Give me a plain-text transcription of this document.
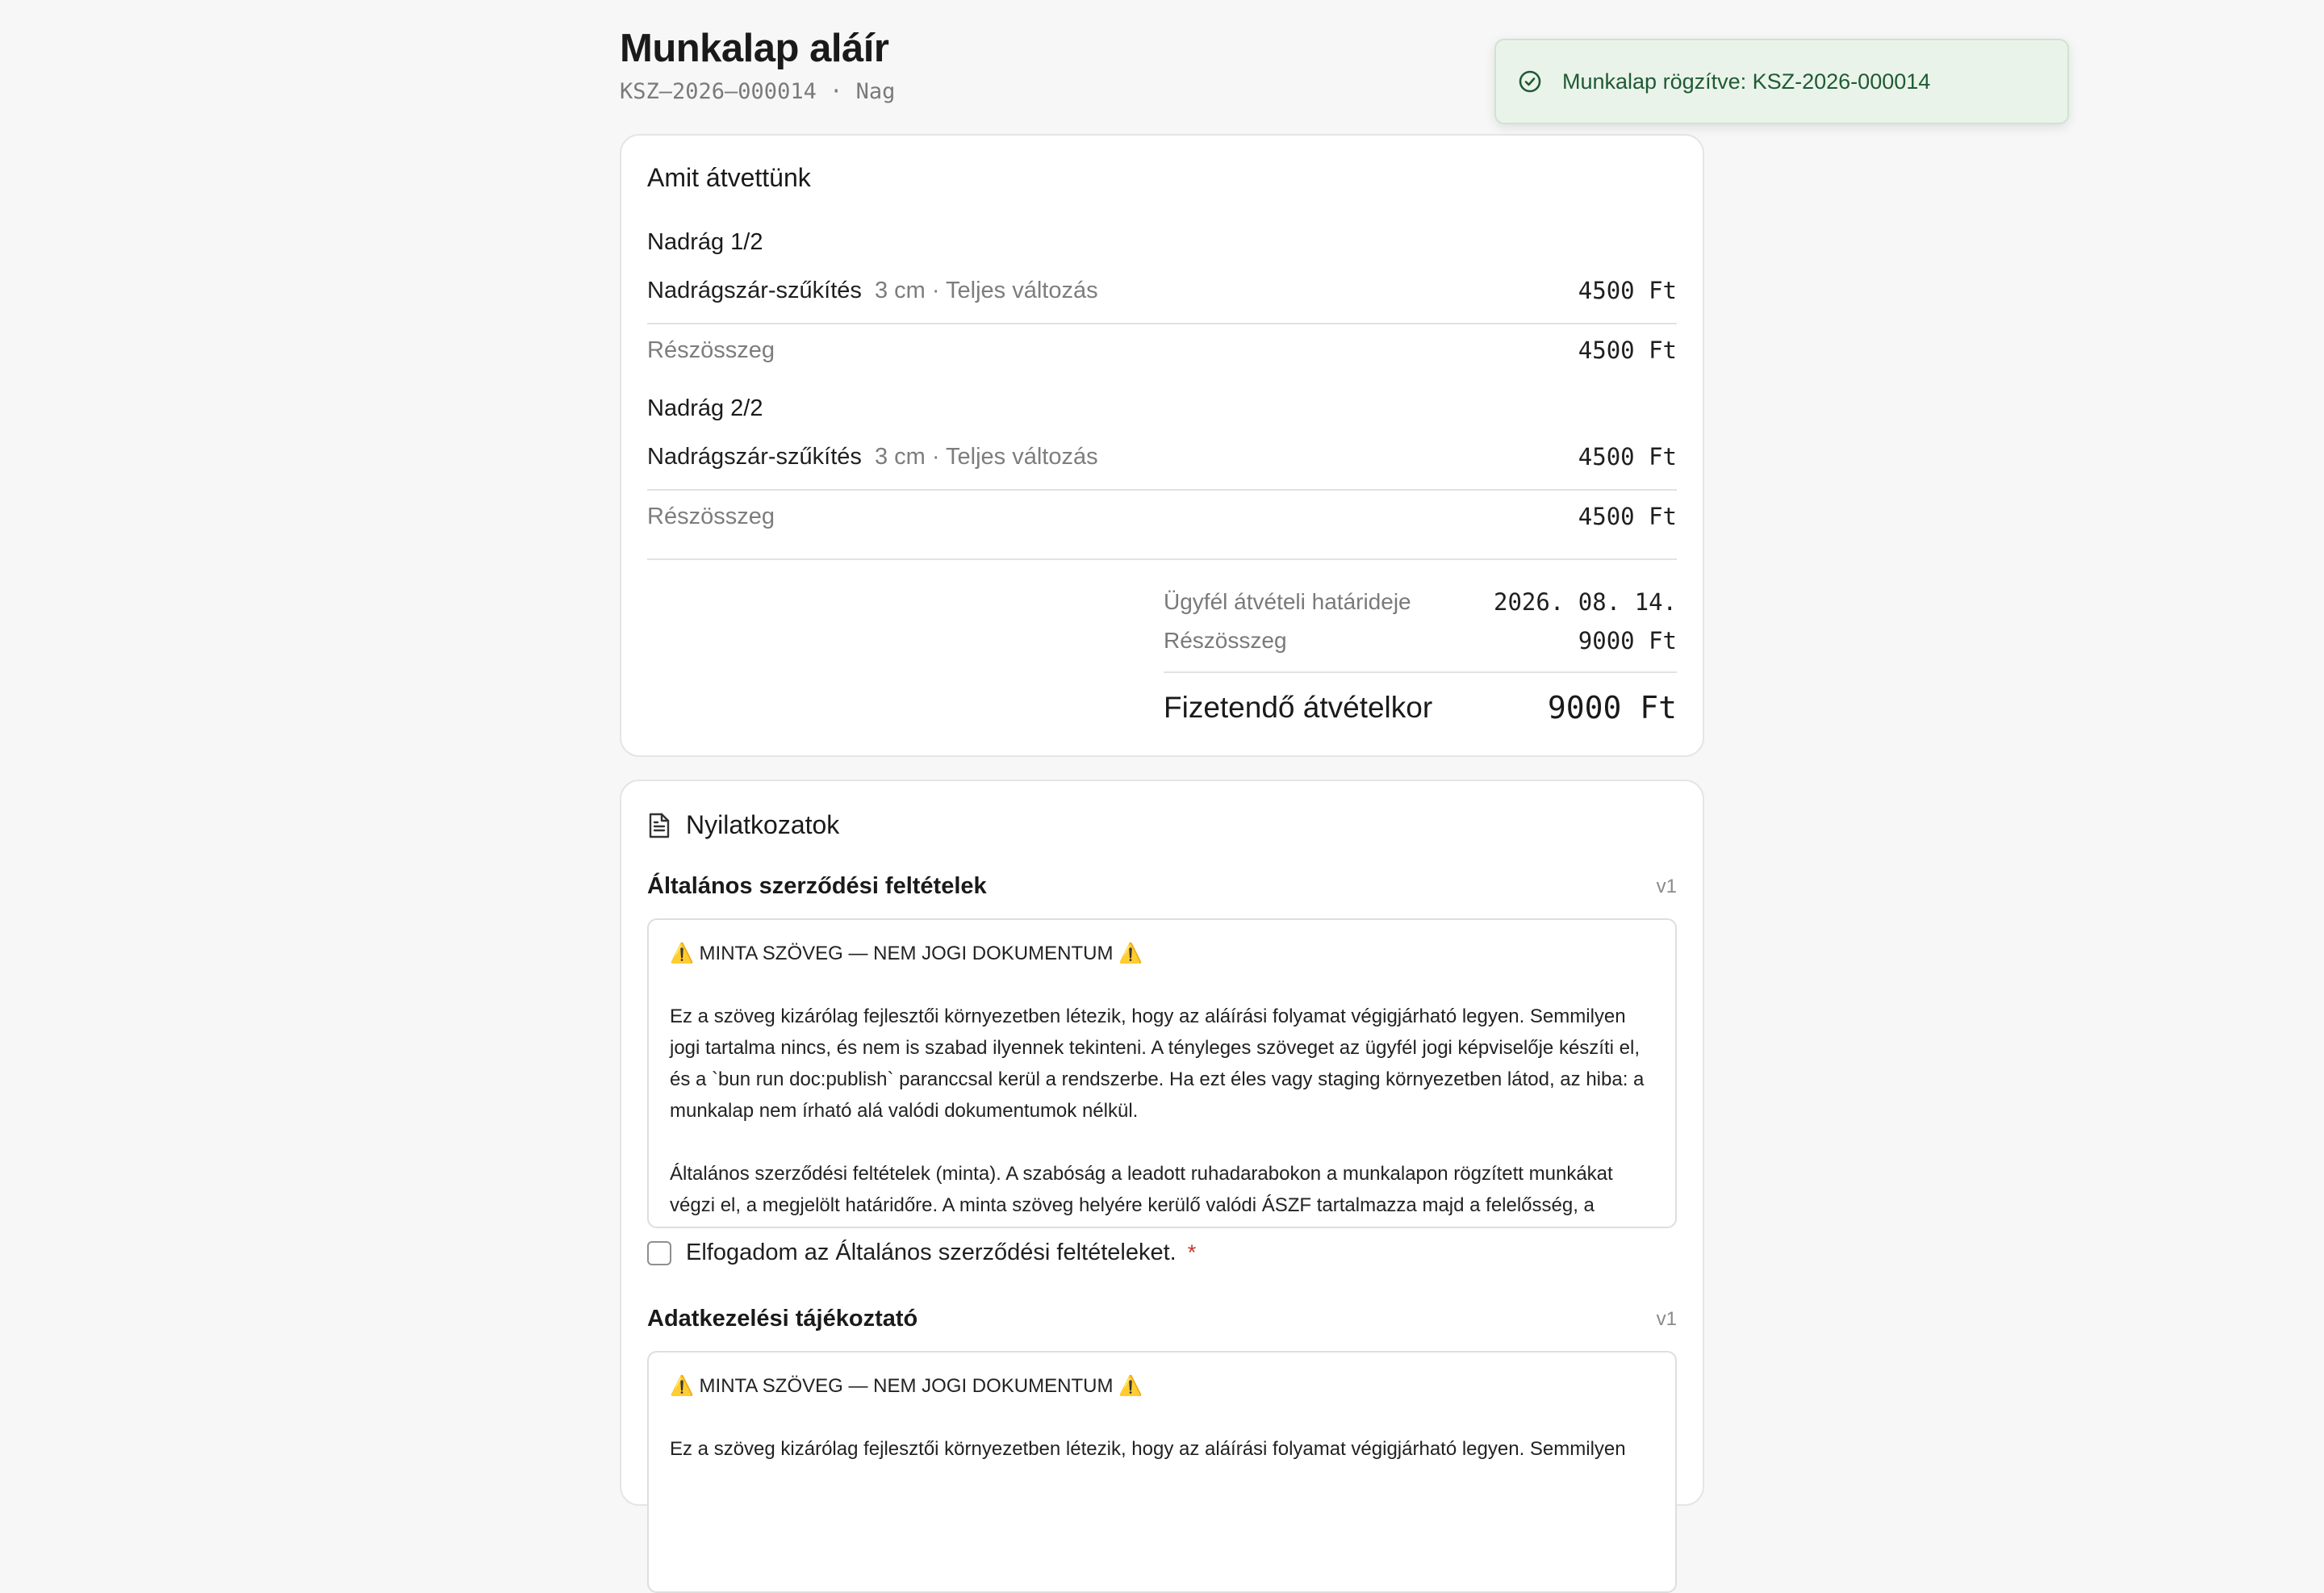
Munkalap aláír
KSZ–2026–000014 · Nag
Amit átvettünk
Nadrág 1/2
Nadrágszár-szűkítés 3 cm · Teljes változás	4500 Ft
Részösszeg	4500 Ft
Nadrág 2/2
Nadrágszár-szűkítés 3 cm · Teljes változás	4500 Ft
Részösszeg	4500 Ft
Ügyfél átvételi határideje	2026. 08. 14.
Részösszeg	9000 Ft
Fizetendő átvételkor	9000 Ft
Nyilatkozatok
Általános szerződési feltételek	v1

⚠️ MINTA SZÖVEG — NEM JOGI DOKUMENTUM ⚠️

Ez a szöveg kizárólag fejlesztői környezetben létezik, hogy az aláírási folyamat végigjárható legyen. Semmilyen jogi tartalma nincs, és nem is szabad ilyennek tekinteni. A tényleges szöveget az ügyfél jogi képviselője készíti el, és a `bun run doc:publish` paranccsal kerül a rendszerbe. Ha ezt éles vagy staging környezetben látod, az hiba: a munkalap nem írható alá valódi dokumentumok nélkül.

Általános szerződési feltételek (minta). A szabóság a leadott ruhadarabokon a munkalapon rögzített munkákat végzi el, a megjelölt határidőre. A minta szöveg helyére kerülő valódi ÁSZF tartalmazza majd a felelősség, a

Elfogadom az Általános szerződési feltételeket. *
Adatkezelési tájékoztató	v1

⚠️ MINTA SZÖVEG — NEM JOGI DOKUMENTUM ⚠️

Ez a szöveg kizárólag fejlesztői környezetben létezik, hogy az aláírási folyamat végigjárható legyen. Semmilyen

Munkalap rögzítve: KSZ-2026-000014
